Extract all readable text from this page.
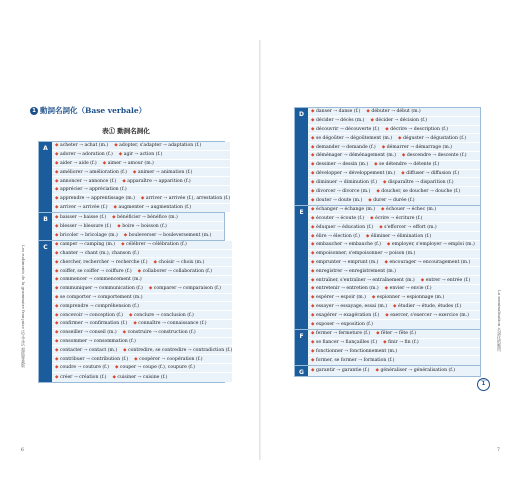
Les rudiments de la grammaire française 法文文法 超級專業版
6
1 動詞名詞化（Base verbale）
表① 動詞名詞化
A	◆ acheter → achat (m.) ◆ adopter, s'adapter → adaptation (f.)
◆ adorer → adoration (f.) ◆ agir → action (f.)
◆ aider → aide (f.) ◆ aimer → amour (m.)
◆ améliorer → amélioration (f.) ◆ animer → animation (f.)
◆ annoncer → annonce (f.) ◆ apparaître → apparition (f.)
◆ apprécier → appréciation (f.)
◆ apprendre → apprentissage (m.) ◆ arriver → arrivée (f.), arrestation (f.)
◆ arriver → arrivée (f.) ◆ augmenter → augmentation (f.)
B	◆ baisser → baisse (f.) ◆ bénéficier → bénéfice (m.)
◆ blesser → blessure (f.) ◆ boire → boisson (f.)
◆ bricoler → bricolage (m.) ◆ bouleverser → bouleversement (m.)
C	◆ camper → camping (m.) ◆ célébrer → célébration (f.)
◆ chanter → chant (m.), chanson (f.)
◆ chercher, rechercher → recherche (f.) ◆ choisir → choix (m.)
◆ coiffer, se coiffer → coiffure (f.) ◆ collaborer → collaboration (f.)
◆ commencer → commencement (m.)
◆ communiquer → communication (f.) ◆ comparer → comparaison (f.)
◆ se comporter → comportement (m.)
◆ comprendre → compréhension (f.)
◆ concevoir → conception (f.) ◆ conclure → conclusion (f.)
◆ confirmer → confirmation (f.) ◆ connaître → connaissance (f.)
◆ conseiller → conseil (m.) ◆ construire → construction (f.)
◆ consommer → consommation (f.)
◆ contacter → contact (m.) ◆ contredire, se contredire → contradiction (f.)
◆ contribuer → contribution (f.) ◆ coopérer → coopération (f.)
◆ coudre → couture (f.) ◆ couper → coupe (f.), coupure (f.)
◆ créer → création (f.) ◆ cuisiner → cuisine (f.)
La nominalisation 名詞化的應用
D	◆ danser → danse (f.) ◆ débuter → début (m.)
◆ décider → décès (m.) ◆ décider → décision (f.)
◆ découvrir → découverte (f.) ◆ décrire → description (f.)
◆ se dégoûter → dégoûtement (m.) ◆ déguster → dégustation (f.)
◆ demander → demande (f.) ◆ démarrer → démarrage (m.)
◆ déménager → déménagement (m.) ◆ descendre → descente (f.)
◆ dessiner → dessin (m.) ◆ se détendre → détente (f.)
◆ développer → développement (m.) ◆ diffuser → diffusion (f.)
◆ diminuer → diminution (f.) ◆ disparaître → disparition (f.)
◆ divorcer → divorce (m.) ◆ doucher, se doucher → douche (f.)
◆ douter → doute (m.) ◆ durer → durée (f.)
E	◆ échanger → échange (m.) ◆ échouer → échec (m.)
◆ écouter → écoute (f.) ◆ écrire → écriture (f.)
◆ éduquer → éducation (f.) ◆ s'efforcer → effort (m.)
◆ élire → élection (f.) ◆ éliminer → élimination (f.)
◆ embaucher → embauche (f.) ◆ employer, s'employer → emploi (m.)
◆ empoisonner, s'empoisonner → poison (m.)
◆ emprunter → emprunt (m.) ◆ encourager → encouragement (m.)
◆ enregistrer → enregistrement (m.)
◆ entraîner, s'entraîner → entraînement (m.) ◆ entrer → entrée (f.)
◆ entretenir → entretien (m.) ◆ envier → envie (f.)
◆ espérer → espoir (m.) ◆ espionner → espionnage (m.)
◆ essayer → essayage, essai (m.) ◆ étudier → étude, études (f.)
◆ exagérer → exagération (f.) ◆ exercer, s'exercer → exercice (m.)
◆ exposer → exposition (f.)
F	◆ fermer → fermeture (f.) ◆ fêter → fête (f.)
◆ se fiancer → fiançailles (f.) ◆ finir → fin (f.)
◆ fonctionner → fonctionnement (m.)
◆ former, se former → formation (f.)
G	◆ garantir → garantie (f.) ◆ généraliser → généralisation (f.)
Leçon
1
7
